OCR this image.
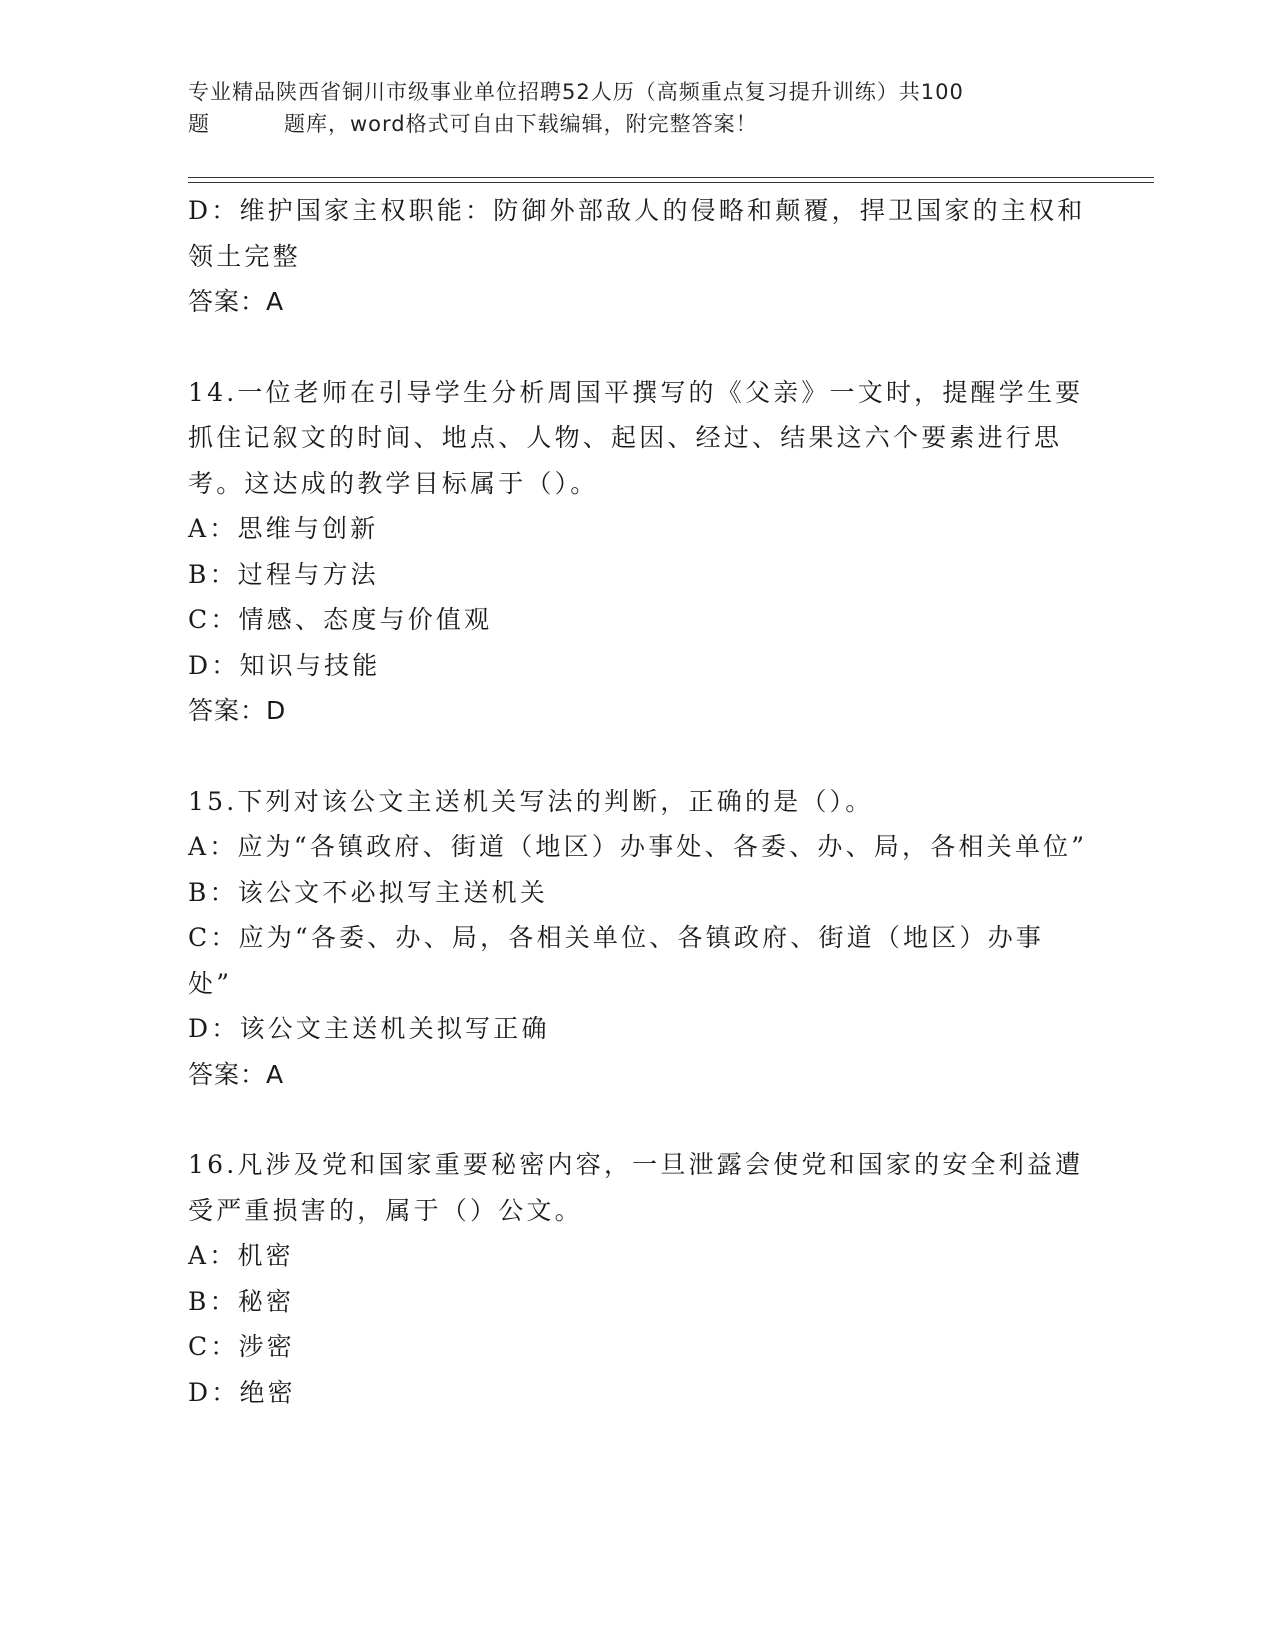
专业精品陕西省铜川市级事业单位招聘52人历（高频重点复习提升训练）共100
题	题库，word格式可自由下载编辑，附完整答案！

D：维护国家主权职能：防御外部敌人的侵略和颠覆，捍卫国家的主权和领土完整

答案：A

14.一位老师在引导学生分析周国平撰写的《父亲》一文时，提醒学生要抓住记叙文的时间、地点、人物、起因、经过、结果这六个要素进行思考。这达成的教学目标属于（）。

A：思维与创新

B：过程与方法

C：情感、态度与价值观

D：知识与技能

答案：D

15.下列对该公文主送机关写法的判断，正确的是（）。

A：应为“各镇政府、街道（地区）办事处、各委、办、局，各相关单位”

B：该公文不必拟写主送机关

C：应为“各委、办、局，各相关单位、各镇政府、街道（地区）办事处”

D：该公文主送机关拟写正确

答案：A

16.凡涉及党和国家重要秘密内容，一旦泄露会使党和国家的安全利益遭受严重损害的，属于（）公文。

A：机密

B：秘密

C：涉密

D：绝密
